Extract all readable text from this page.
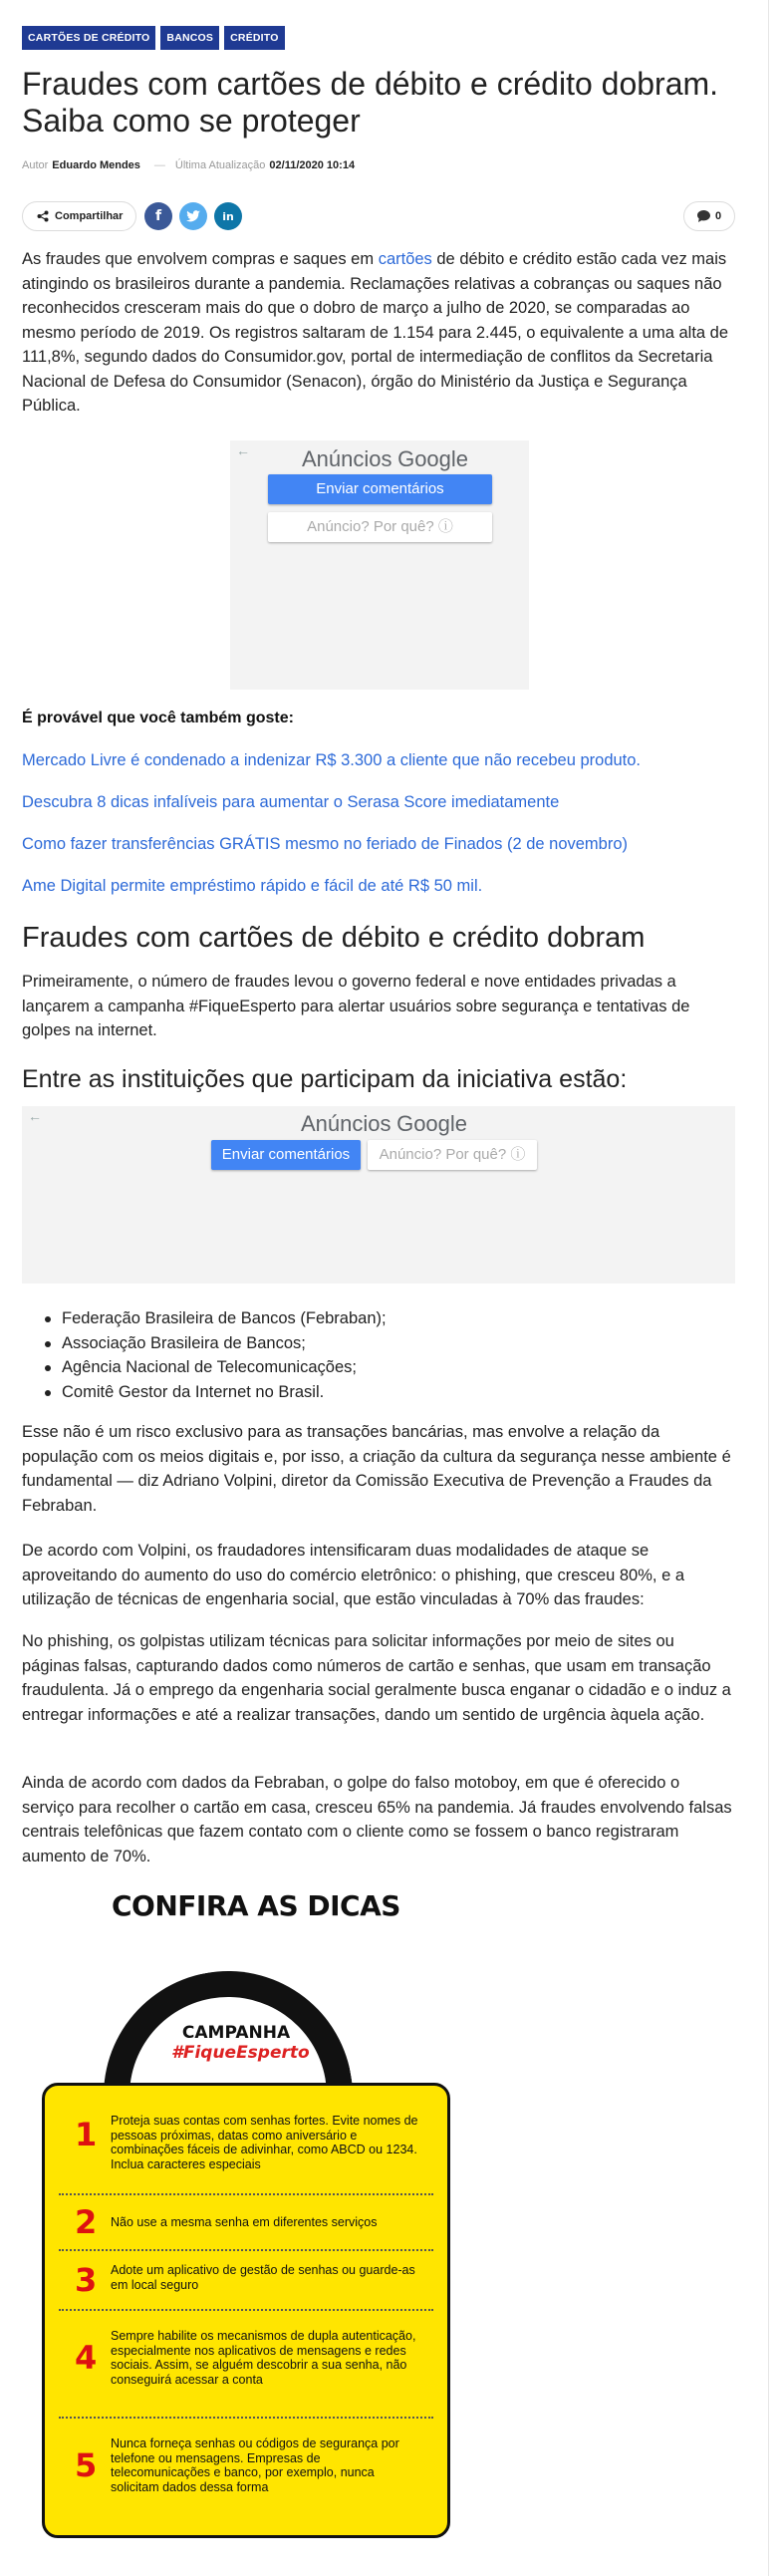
CARTÕES DE CRÉDITO	BANCOS	CRÉDITO
Fraudes com cartões de débito e crédito dobram. Saiba como se proteger
Autor Eduardo Mendes — Última Atualização 02/11/2020 10:14
Compartilhar f	in	0

As fraudes que envolvem compras e saques em cartões de débito e crédito estão cada vez mais atingindo os brasileiros durante a pandemia. Reclamações relativas a cobranças ou saques não reconhecidos cresceram mais do que o dobro de março a julho de 2020, se comparadas ao mesmo período de 2019. Os registros saltaram de 1.154 para 2.445, o equivalente a uma alta de 111,8%, segundo dados do Consumidor.gov, portal de intermediação de conflitos da Secretaria Nacional de Defesa do Consumidor (Senacon), órgão do Ministério da Justiça e Segurança Pública.

← Anúncios Google
Enviar comentários
Anúncio? Por quê? ⓘ
É provável que você também goste:
Mercado Livre é condenado a indenizar R$ 3.300 a cliente que não recebeu produto.
Descubra 8 dicas infalíveis para aumentar o Serasa Score imediatamente
Como fazer transferências GRÁTIS mesmo no feriado de Finados (2 de novembro)
Ame Digital permite empréstimo rápido e fácil de até R$ 50 mil.
Fraudes com cartões de débito e crédito dobram

Primeiramente, o número de fraudes levou o governo federal e nove entidades privadas a lançarem a campanha #FiqueEsperto para alertar usuários sobre segurança e tentativas de golpes na internet.

Entre as instituições que participam da iniciativa estão:
←	Anúncios Google
Enviar comentários	Anúncio? Por quê? ⓘ
Federação Brasileira de Bancos (Febraban);
Associação Brasileira de Bancos;
Agência Nacional de Telecomunicações;
Comitê Gestor da Internet no Brasil.

Esse não é um risco exclusivo para as transações bancárias, mas envolve a relação da população com os meios digitais e, por isso, a criação da cultura da segurança nesse ambiente é fundamental — diz Adriano Volpini, diretor da Comissão Executiva de Prevenção a Fraudes da Febraban.

De acordo com Volpini, os fraudadores intensificaram duas modalidades de ataque se aproveitando do aumento do uso do comércio eletrônico: o phishing, que cresceu 80%, e a utilização de técnicas de engenharia social, que estão vinculadas à 70% das fraudes:

No phishing, os golpistas utilizam técnicas para solicitar informações por meio de sites ou páginas falsas, capturando dados como números de cartão e senhas, que usam em transação fraudulenta. Já o emprego da engenharia social geralmente busca enganar o cidadão e o induz a entregar informações e até a realizar transações, dando um sentido de urgência àquela ação.

Ainda de acordo com dados da Febraban, o golpe do falso motoboy, em que é oferecido o serviço para recolher o cartão em casa, cresceu 65% na pandemia. Já fraudes envolvendo falsas centrais telefônicas que fazem contato com o cliente como se fossem o banco registraram aumento de 70%.

CONFIRA AS DICAS
CAMPANHA
#FiqueEsperto
1 Proteja suas contas com senhas fortes. Evite nomes de pessoas próximas, datas como aniversário e combinações fáceis de adivinhar, como ABCD ou 1234. Inclua caracteres especiais
2 Não use a mesma senha em diferentes serviços
3 Adote um aplicativo de gestão de senhas ou guarde-as em local seguro
4
Sempre habilite os mecanismos de dupla autenticação, especialmente nos aplicativos de mensagens e redes sociais. Assim, se alguém descobrir a sua senha, não conseguirá acessar a conta
5
Nunca forneça senhas ou códigos de segurança por telefone ou mensagens. Empresas de telecomunicações e banco, por exemplo, nunca solicitam dados dessa forma
